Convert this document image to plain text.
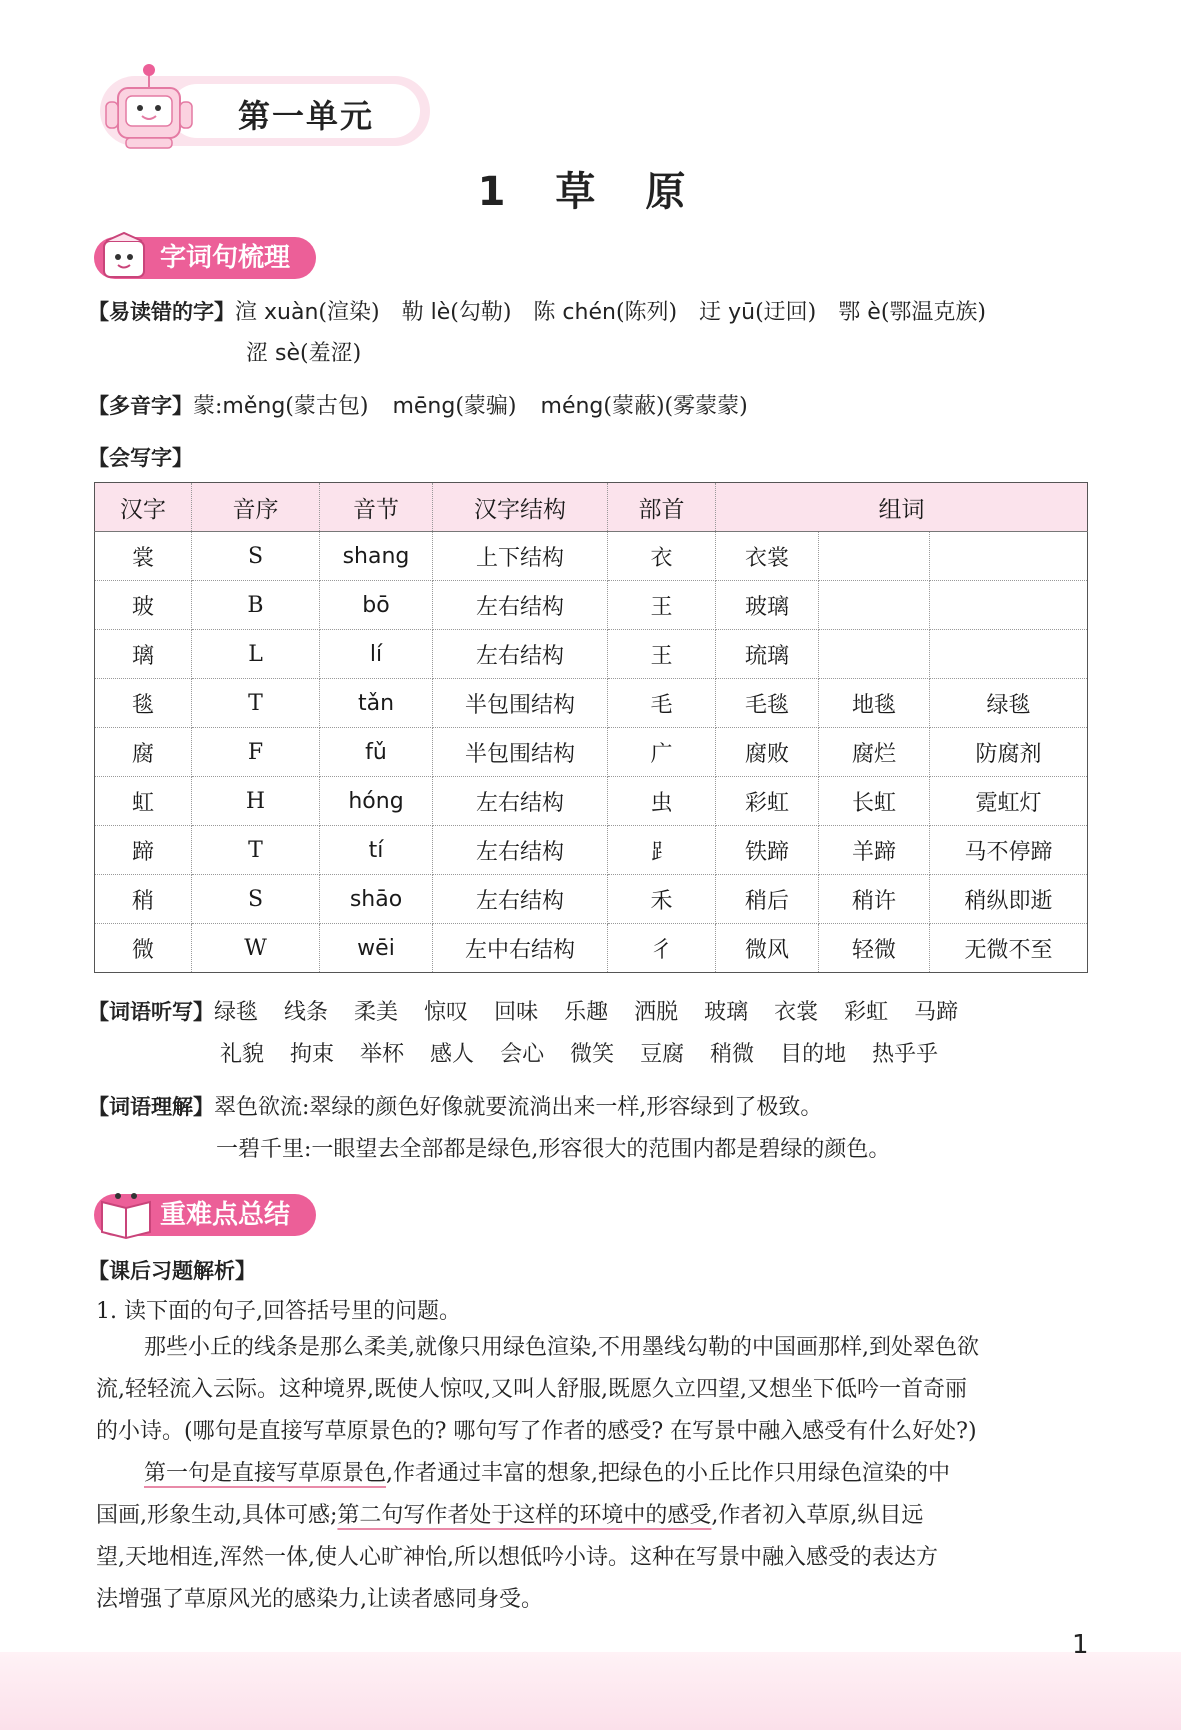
第一单元
1 草 原
字词句梳理
【易读错的字】渲 xuàn(渲染) 勒 lè(勾勒) 陈 chén(陈列) 迂 yū(迂回) 鄂 è(鄂温克族)
涩 sè(羞涩)
【多音字】蒙:měng(蒙古包) mēng(蒙骗) méng(蒙蔽)(雾蒙蒙)
【会写字】
汉字	音序	音节	汉字结构	部首	组词		
裳	S	shang	上下结构	衣	衣裳		
玻	B	bō	左右结构	王	玻璃		
璃	L	lí	左右结构	王	琉璃		
毯	T	tǎn	半包围结构	毛	毛毯	地毯	绿毯
腐	F	fǔ	半包围结构	广	腐败	腐烂	防腐剂
虹	H	hóng	左右结构	虫	彩虹	长虹	霓虹灯
蹄	T	tí	左右结构	⻊	铁蹄	羊蹄	马不停蹄
稍	S	shāo	左右结构	禾	稍后	稍许	稍纵即逝
微	W	wēi	左中右结构	彳	微风	轻微	无微不至
【词语听写】绿毯 线条 柔美 惊叹 回味 乐趣 洒脱 玻璃 衣裳 彩虹 马蹄
礼貌 拘束 举杯 感人 会心 微笑 豆腐 稍微 目的地 热乎乎
【词语理解】翠色欲流:翠绿的颜色好像就要流淌出来一样,形容绿到了极致。
一碧千里:一眼望去全部都是绿色,形容很大的范围内都是碧绿的颜色。
重难点总结
【课后习题解析】
1. 读下面的句子,回答括号里的问题。
那些小丘的线条是那么柔美,就像只用绿色渲染,不用墨线勾勒的中国画那样,到处翠色欲
流,轻轻流入云际。这种境界,既使人惊叹,又叫人舒服,既愿久立四望,又想坐下低吟一首奇丽
的小诗。(哪句是直接写草原景色的? 哪句写了作者的感受? 在写景中融入感受有什么好处?)
第一句是直接写草原景色,作者通过丰富的想象,把绿色的小丘比作只用绿色渲染的中
国画,形象生动,具体可感;第二句写作者处于这样的环境中的感受,作者初入草原,纵目远
望,天地相连,浑然一体,使人心旷神怡,所以想低吟小诗。这种在写景中融入感受的表达方
法增强了草原风光的感染力,让读者感同身受。
1
